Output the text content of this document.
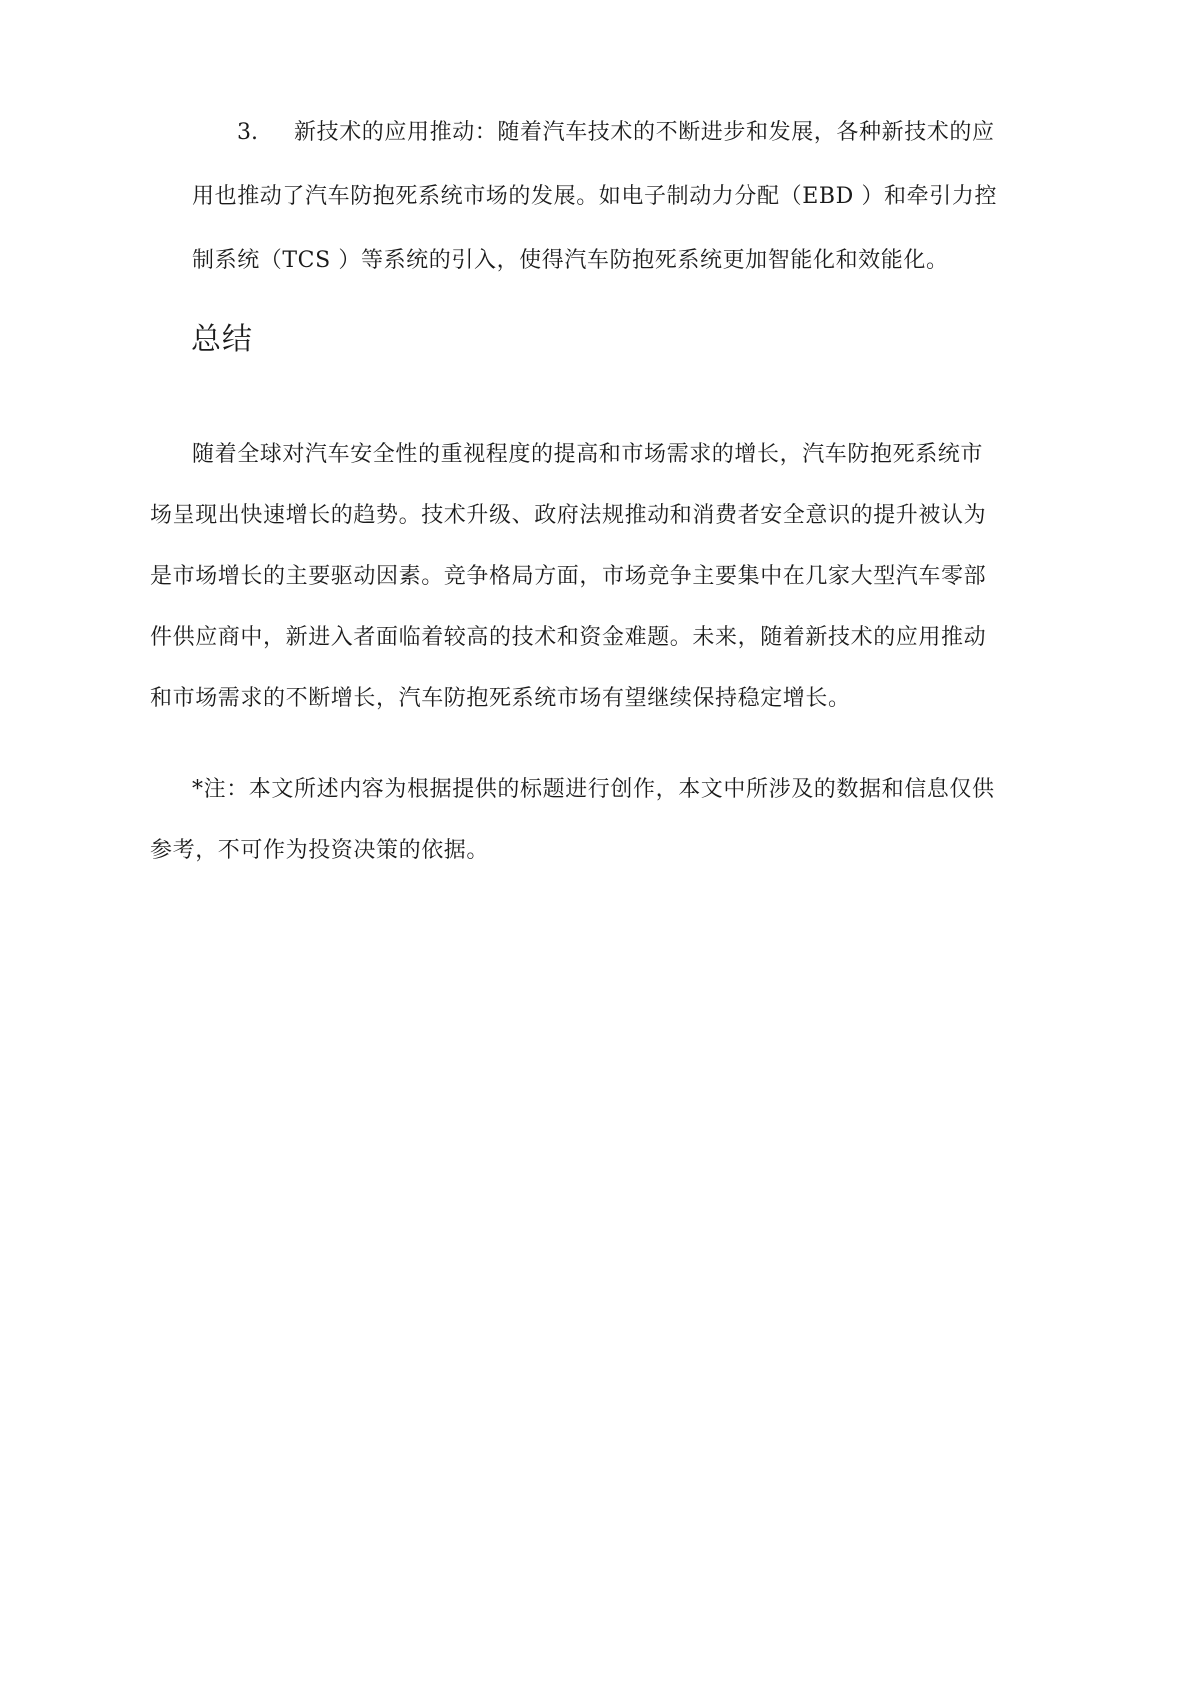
3. 新技术的应用推动：随着汽车技术的不断进步和发展，各种新技术的应
用也推动了汽车防抱死系统市场的发展。如电子制动力分配（EBD ）和牵引力控
制系统（TCS ）等系统的引入，使得汽车防抱死系统更加智能化和效能化。
总结
随着全球对汽车安全性的重视程度的提高和市场需求的增长，汽车防抱死系统市
场呈现出快速增长的趋势。技术升级、政府法规推动和消费者安全意识的提升被认为
是市场增长的主要驱动因素。竞争格局方面，市场竞争主要集中在几家大型汽车零部
件供应商中，新进入者面临着较高的技术和资金难题。未来，随着新技术的应用推动
和市场需求的不断增长，汽车防抱死系统市场有望继续保持稳定增长。
*注：本文所述内容为根据提供的标题进行创作，本文中所涉及的数据和信息仅供
参考，不可作为投资决策的依据。
